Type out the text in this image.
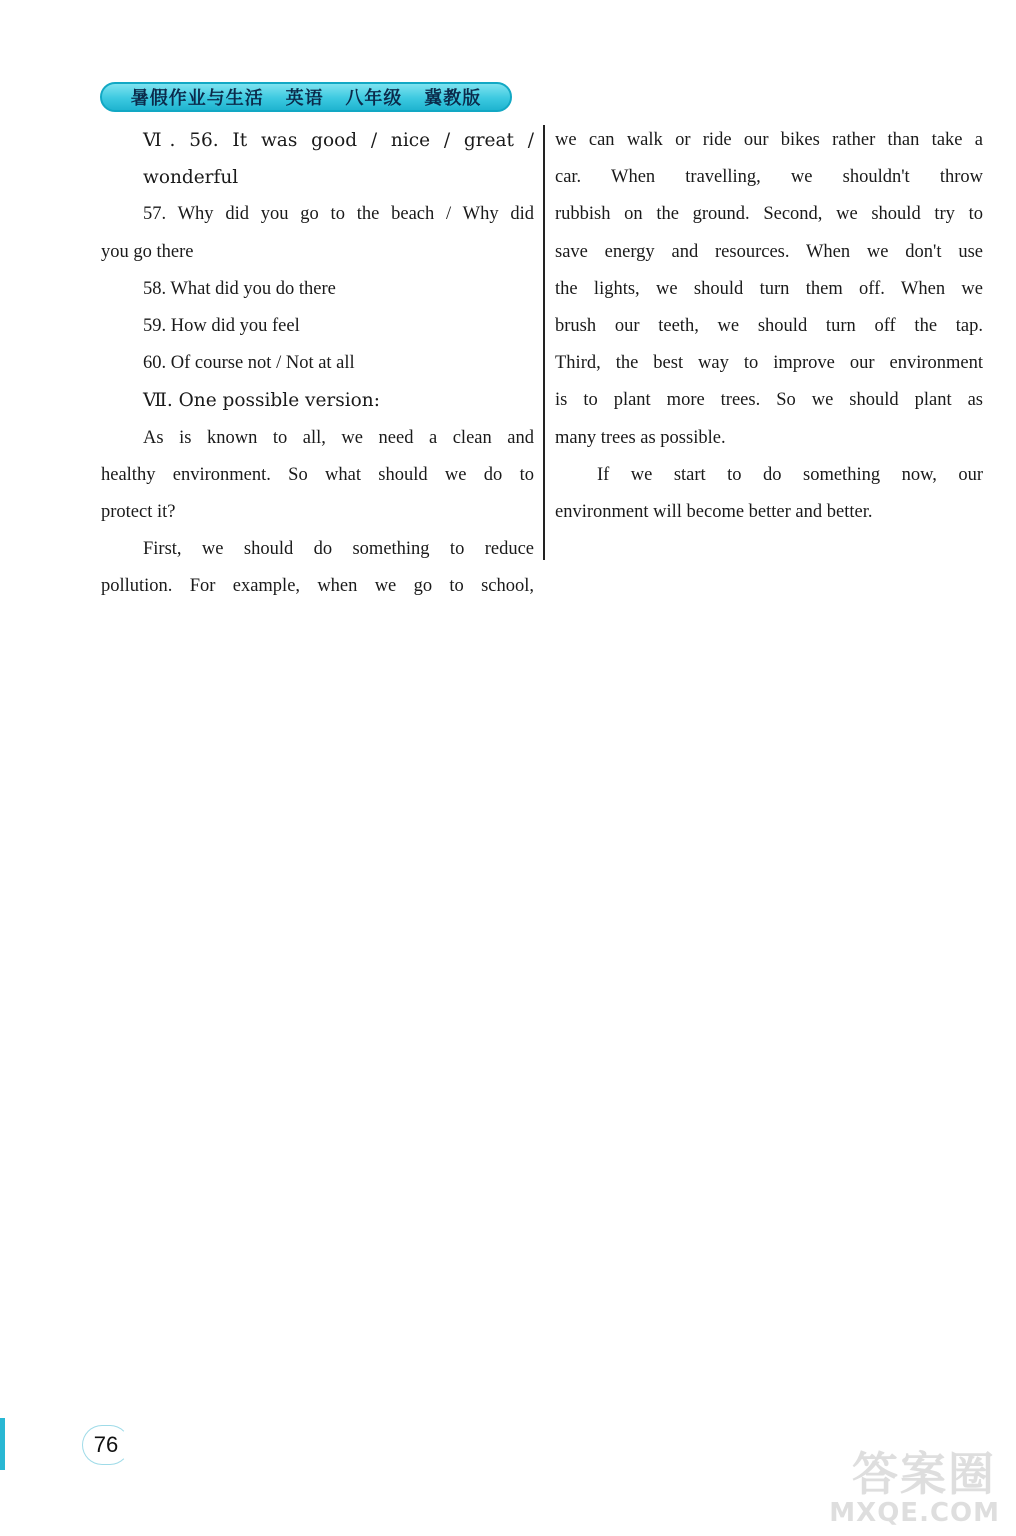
暑假作业与生活   英语   八年级   冀教版
Ⅵ. 56. It was good / nice / great / wonderful
57. Why did you go to the beach / Why did
you go there
58. What did you do there
59. How did you feel
60. Of course not / Not at all
Ⅶ. One possible version:
As is known to all, we need a clean and
healthy environment. So what should we do to
protect it?
First, we should do something to reduce
pollution. For example, when we go to school,
we can walk or ride our bikes rather than take a
car. When travelling, we shouldn't throw
rubbish on the ground. Second, we should try to
save energy and resources. When we don't use
the lights, we should turn them off. When we
brush our teeth, we should turn off the tap.
Third, the best way to improve our environment
is to plant more trees. So we should plant as
many trees as possible.
If we start to do something now, our
environment will become better and better.
76
答案圈
MXQE.COM
